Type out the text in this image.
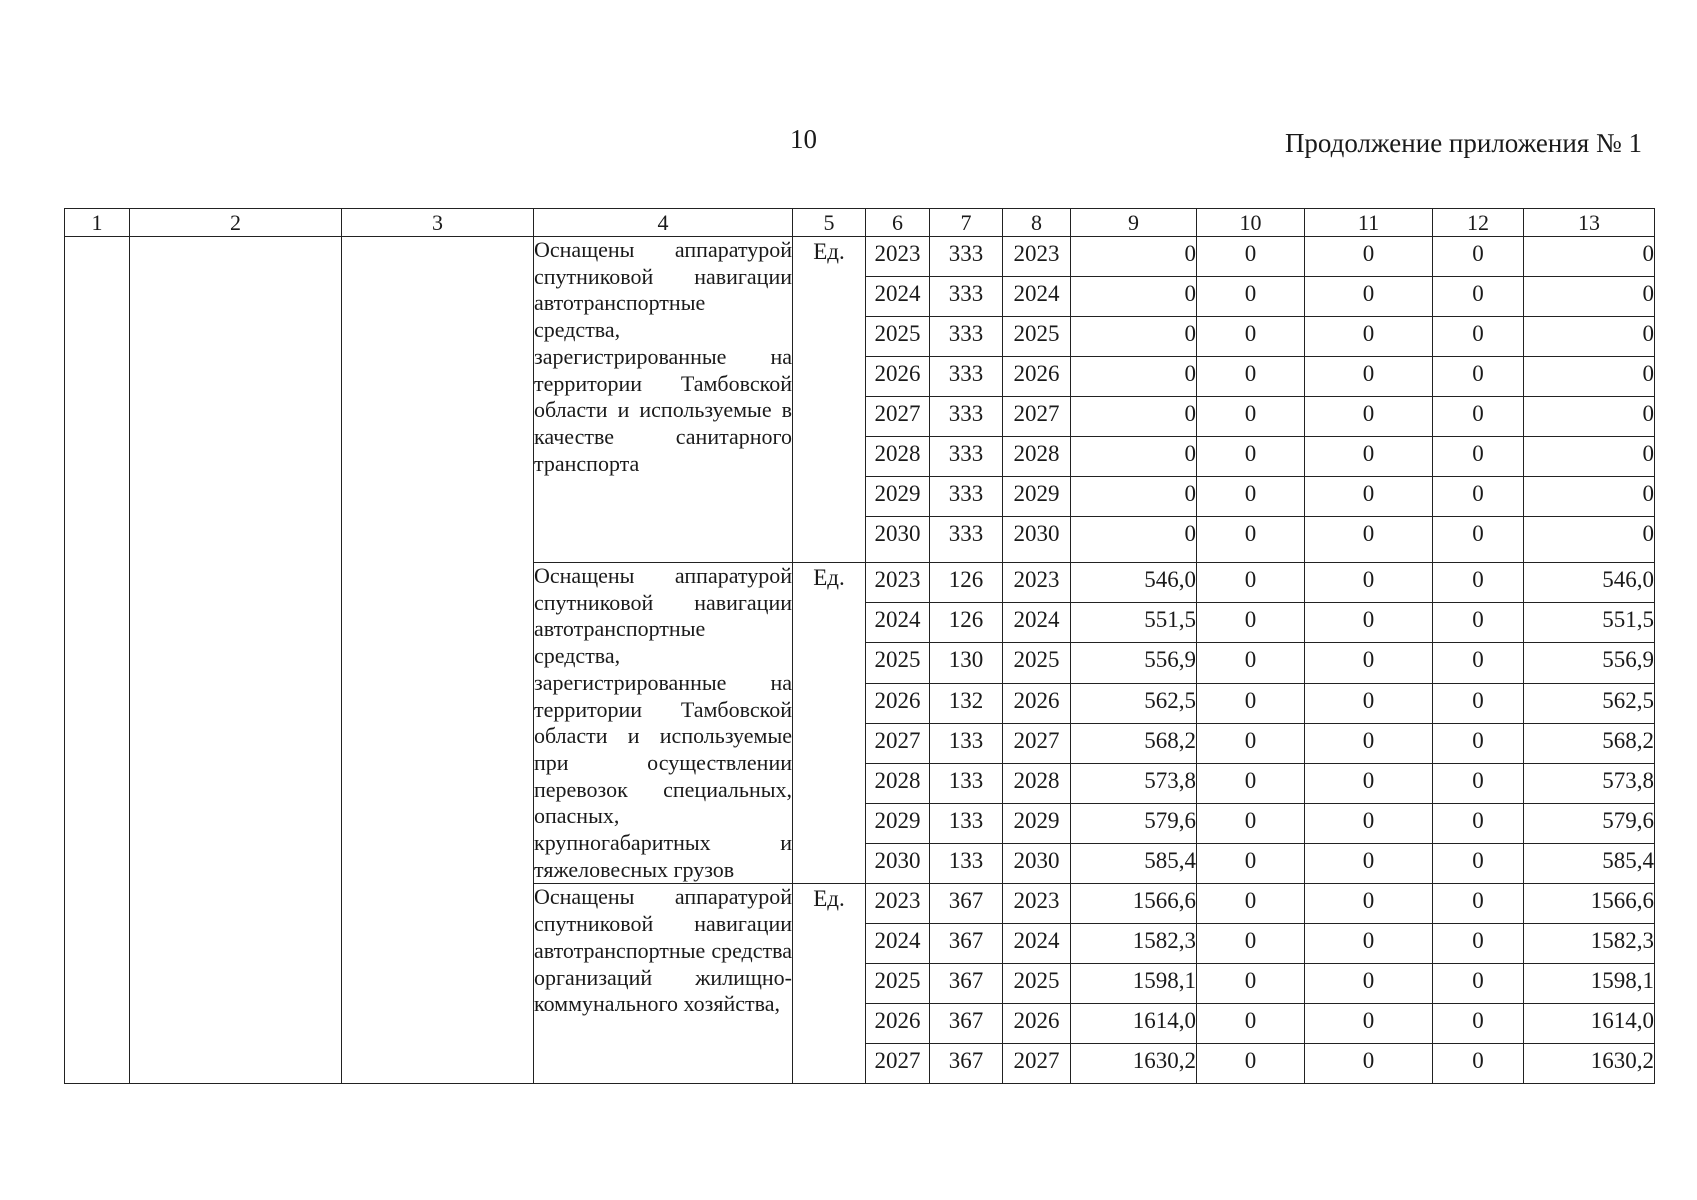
10	Продолжение приложения № 1
1	2	3	4	5	6	7	8	9	10	11	12	13
			Оснащены аппаратурой спутниковой навигации автотранспортные средства, зарегистрированные на территории Тамбовской области и используемые в качестве санитарного транспорта	Ед.	2023	333	2023	0	0	0	0	0
					2024	333	2024	0	0	0	0	0
					2025	333	2025	0	0	0	0	0
					2026	333	2026	0	0	0	0	0
					2027	333	2027	0	0	0	0	0
					2028	333	2028	0	0	0	0	0
					2029	333	2029	0	0	0	0	0
					2030	333	2030	0	0	0	0	0
			Оснащены аппаратурой спутниковой навигации автотранспортные средства, зарегистрированные на территории Тамбовской области и используемые при осуществлении перевозок специальных, опасных, крупногабаритных и тяжеловесных грузов	Ед.	2023	126	2023	546,0	0	0	0	546,0
					2024	126	2024	551,5	0	0	0	551,5
					2025	130	2025	556,9	0	0	0	556,9
					2026	132	2026	562,5	0	0	0	562,5
					2027	133	2027	568,2	0	0	0	568,2
					2028	133	2028	573,8	0	0	0	573,8
					2029	133	2029	579,6	0	0	0	579,6
					2030	133	2030	585,4	0	0	0	585,4
			Оснащены аппаратурой спутниковой навигации автотранспортные средства организаций жилищно-коммунального хозяйства,	Ед.	2023	367	2023	1566,6	0	0	0	1566,6
					2024	367	2024	1582,3	0	0	0	1582,3
					2025	367	2025	1598,1	0	0	0	1598,1
					2026	367	2026	1614,0	0	0	0	1614,0
					2027	367	2027	1630,2	0	0	0	1630,2
